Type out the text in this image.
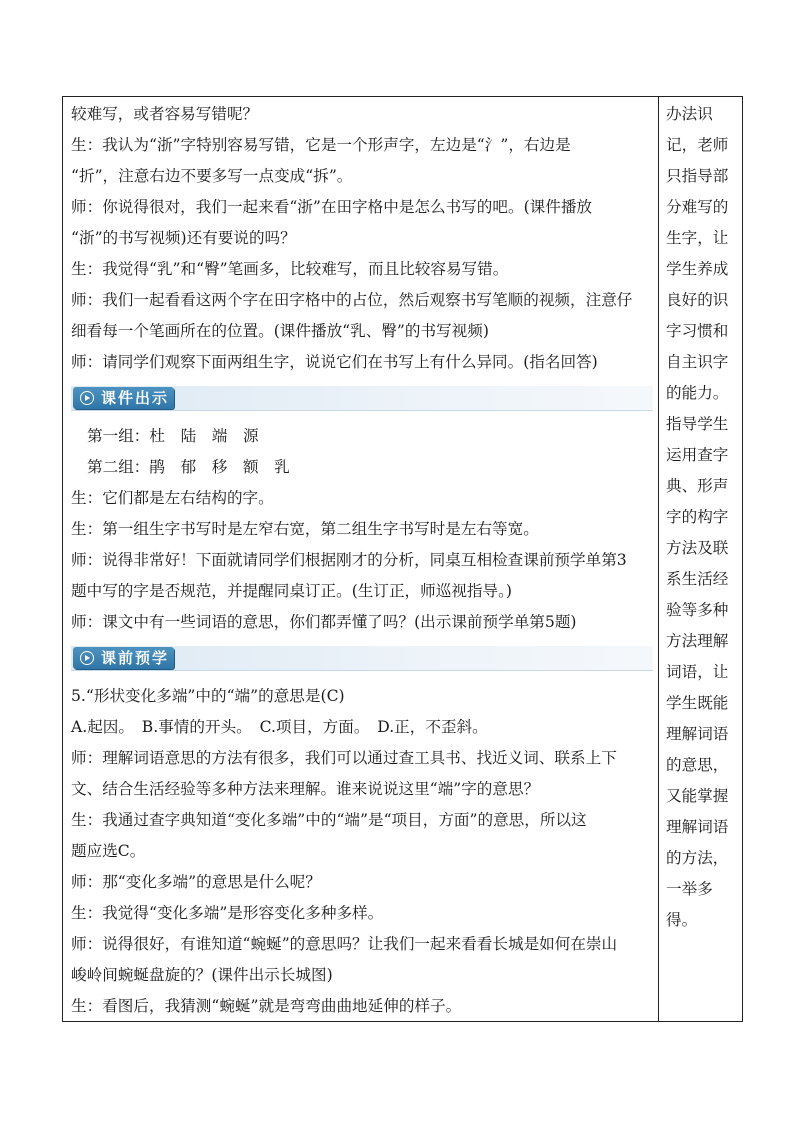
较难写，或者容易写错呢？
生：我认为“浙”字特别容易写错，它是一个形声字，左边是“氵”，右边是
“折”，注意右边不要多写一点变成“拆”。
师：你说得很对，我们一起来看“浙”在田字格中是怎么书写的吧。(课件播放
“浙”的书写视频)还有要说的吗？
生：我觉得“乳”和“臀”笔画多，比较难写，而且比较容易写错。
师：我们一起看看这两个字在田字格中的占位，然后观察书写笔顺的视频，注意仔
细看每一个笔画所在的位置。(课件播放“乳、臀”的书写视频)
师：请同学们观察下面两组生字，说说它们在书写上有什么异同。(指名回答)
课件出示
第一组：杜　陆　端　源
第二组：鹃　郁　移　额　乳
生：它们都是左右结构的字。
生：第一组生字书写时是左窄右宽，第二组生字书写时是左右等宽。
师：说得非常好！下面就请同学们根据刚才的分析，同桌互相检查课前预学单第3
题中写的字是否规范，并提醒同桌订正。(生订正，师巡视指导。)
师：课文中有一些词语的意思，你们都弄懂了吗？(出示课前预学单第5题)
课前预学单
5.“形状变化多端”中的“端”的意思是(C)
A.起因。　B.事情的开头。　C.项目，方面。　D.正，不歪斜。
师：理解词语意思的方法有很多，我们可以通过查工具书、找近义词、联系上下
文、结合生活经验等多种方法来理解。谁来说说这里“端”字的意思？
生：我通过查字典知道“变化多端”中的“端”是“项目，方面”的意思，所以这
题应选C。
师：那“变化多端”的意思是什么呢？
生：我觉得“变化多端”是形容变化多种多样。
师：说得很好，有谁知道“蜿蜒”的意思吗？让我们一起来看看长城是如何在崇山
峻岭间蜿蜒盘旋的？(课件出示长城图)
生：看图后，我猜测“蜿蜒”就是弯弯曲曲地延伸的样子。
办法识
记，老师
只指导部
分难写的
生字，让
学生养成
良好的识
字习惯和
自主识字
的能力。
指导学生
运用查字
典、形声
字的构字
方法及联
系生活经
验等多种
方法理解
词语，让
学生既能
理解词语
的意思，
又能掌握
理解词语
的方法，
一举多
得。
